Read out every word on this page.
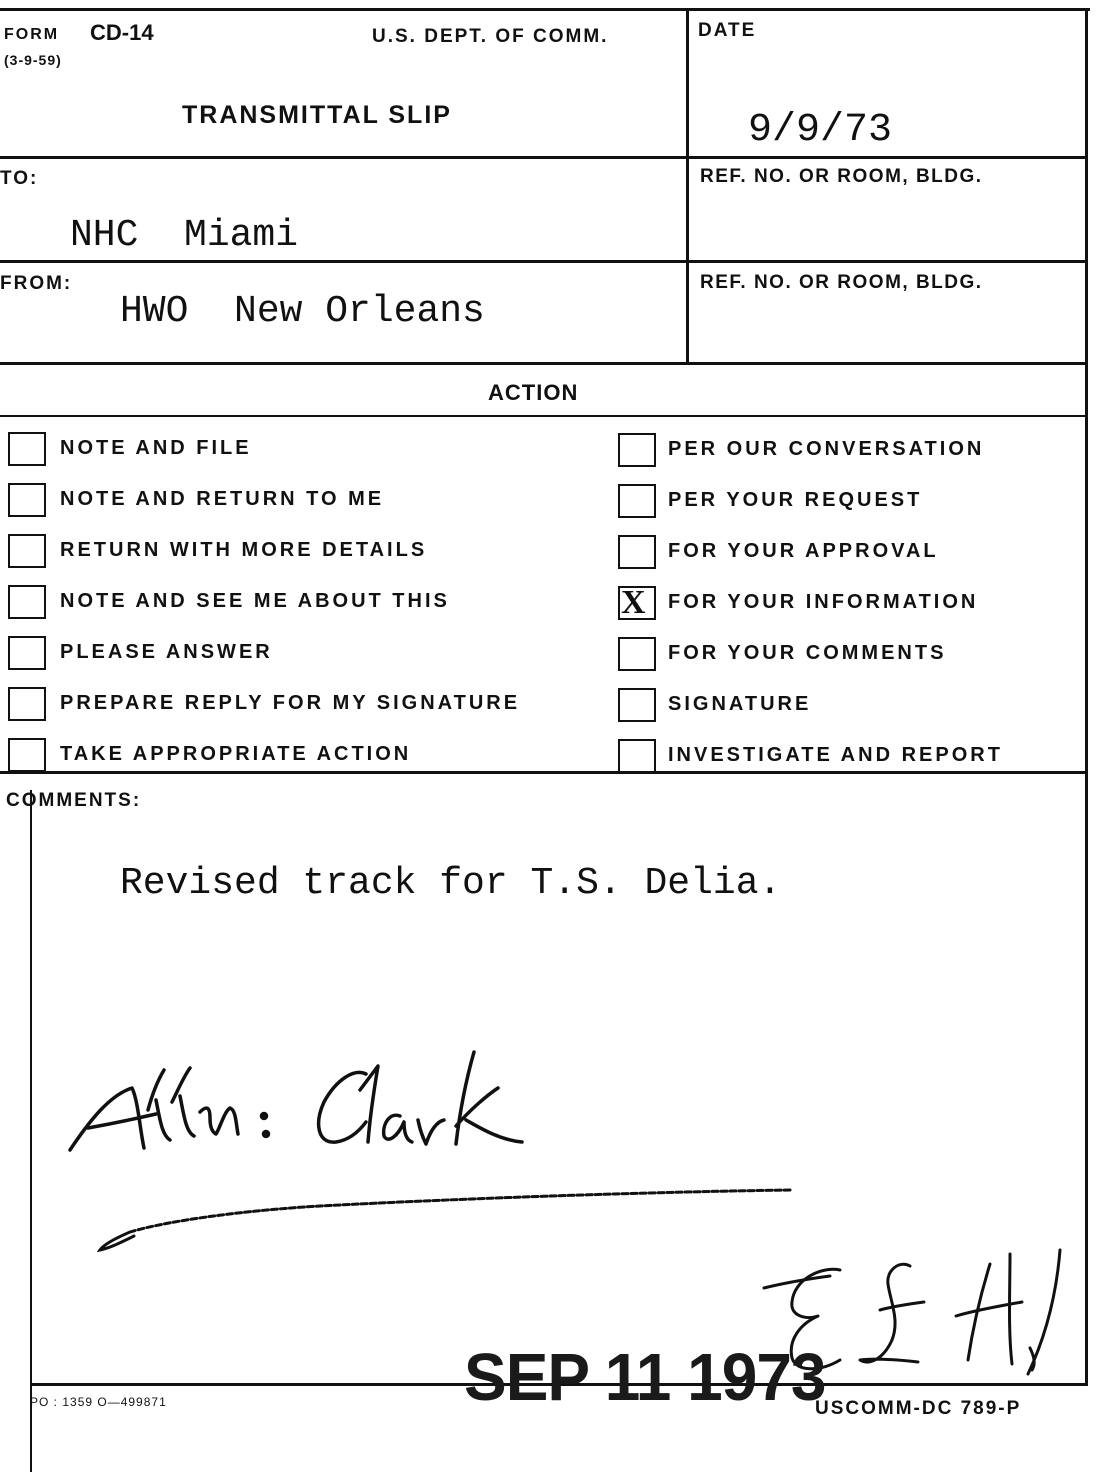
FORM CD-14
(3-9-59)
U.S. DEPT. OF COMM.
TRANSMITTAL SLIP
DATE
9/9/73
TO:
NHC  Miami
REF. NO. OR ROOM, BLDG.
FROM:
HWO  New Orleans
REF. NO. OR ROOM, BLDG.
ACTION
NOTE AND FILE
NOTE AND RETURN TO ME
RETURN WITH MORE DETAILS
NOTE AND SEE ME ABOUT THIS
PLEASE ANSWER
PREPARE REPLY FOR MY SIGNATURE
TAKE APPROPRIATE ACTION
PER OUR CONVERSATION
PER YOUR REQUEST
FOR YOUR APPROVAL
X FOR YOUR INFORMATION
FOR YOUR COMMENTS
SIGNATURE
INVESTIGATE AND REPORT
COMMENTS:
Revised track for T.S. Delia.
SEP 11 1973
PO : 1359 O—499871	USCOMM-DC 789-P
